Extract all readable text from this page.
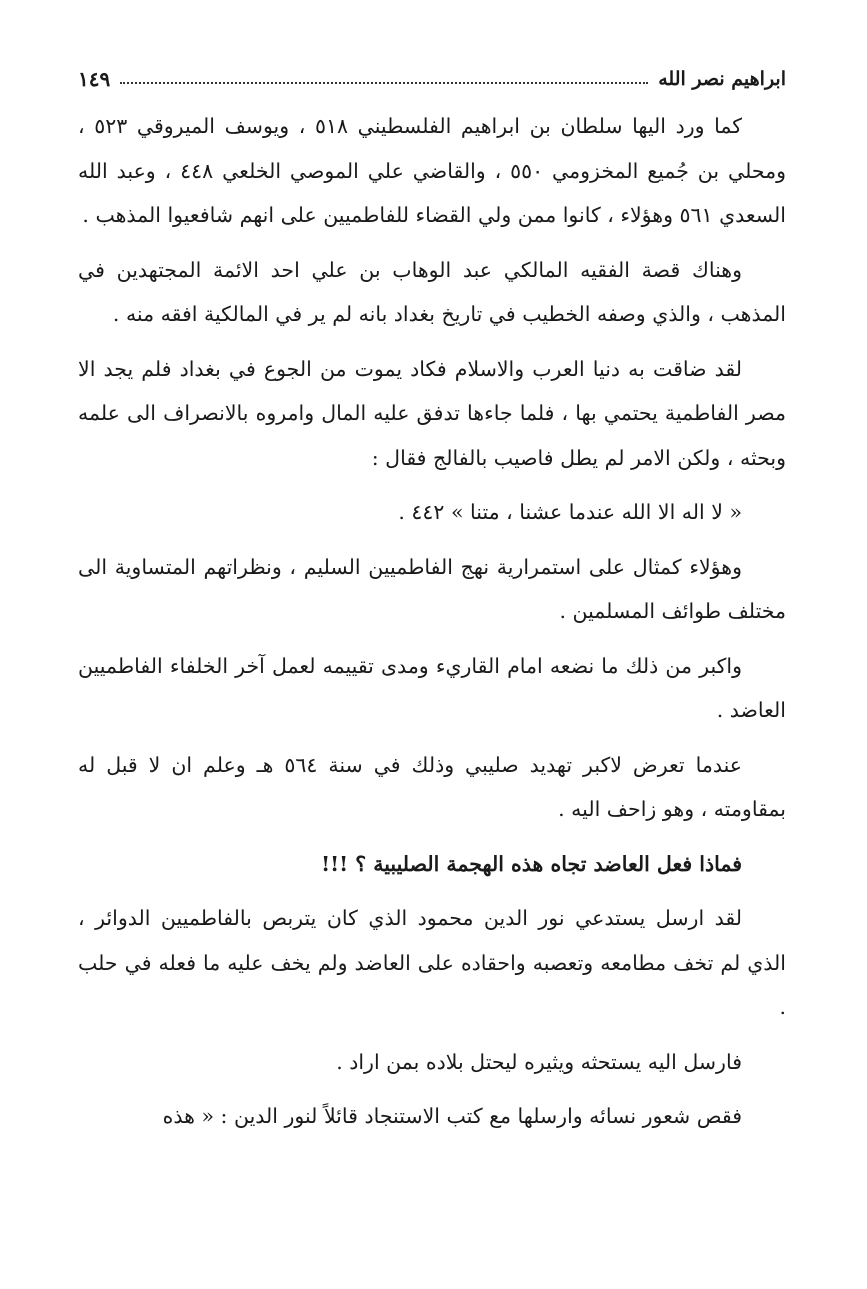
ابراهيم نصر الله
١٤٩

كما ورد اليها سلطان بن ابراهيم الفلسطيني ٥١٨ ، ويوسف الميروقي ٥٢٣ ، ومحلي بن جُميع المخزومي ٥٥٠ ، والقاضي علي الموصي الخلعي ٤٤٨ ، وعبد الله السعدي ٥٦١ وهؤلاء ، كانوا ممن ولي القضاء للفاطميين على انهم شافعيوا المذهب .

وهناك قصة الفقيه المالكي عبد الوهاب بن علي احد الائمة المجتهدين في المذهب ، والذي وصفه الخطيب في تاريخ بغداد بانه لم ير في المالكية افقه منه .

لقد ضاقت به دنيا العرب والاسلام فكاد يموت من الجوع في بغداد فلم يجد الا مصر الفاطمية يحتمي بها ، فلما جاءها تدفق عليه المال وامروه بالانصراف الى علمه وبحثه ، ولكن الامر لم يطل فاصيب بالفالج فقال :

« لا اله الا الله عندما عشنا ، متنا » ٤٤٢ .

وهؤلاء كمثال على استمرارية نهج الفاطميين السليم ، ونظراتهم المتساوية الى مختلف طوائف المسلمين .

واكبر من ذلك ما نضعه امام القاريء ومدى تقييمه لعمل آخر الخلفاء الفاطميين العاضد .

عندما تعرض لاكبر تهديد صليبي وذلك في سنة ٥٦٤ هـ وعلم ان لا قبل له بمقاومته ، وهو زاحف اليه .

فماذا فعل العاضد تجاه هذه الهجمة الصليبية ؟ !!!

لقد ارسل يستدعي نور الدين محمود الذي كان يتربص بالفاطميين الدوائر ، الذي لم تخف مطامعه وتعصبه واحقاده على العاضد ولم يخف عليه ما فعله في حلب .

فارسل اليه يستحثه ويثيره ليحتل بلاده بمن اراد .

فقص شعور نسائه وارسلها مع كتب الاستنجاد قائلاً لنور الدين : « هذه
